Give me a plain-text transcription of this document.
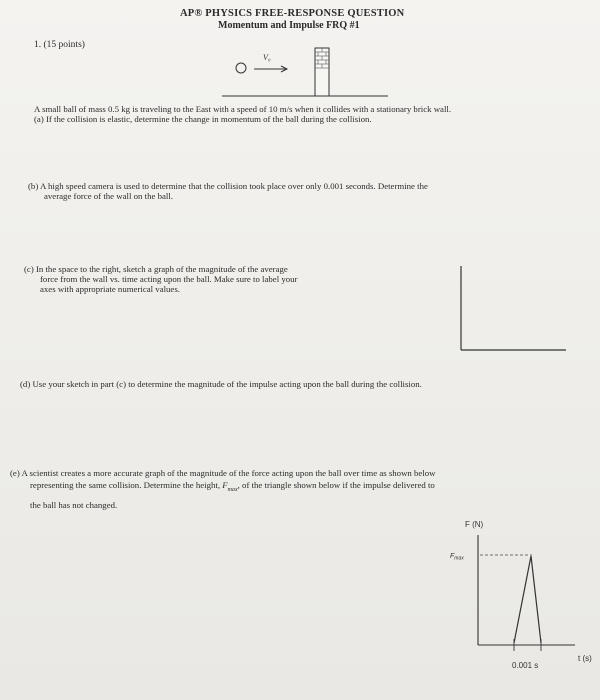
AP® PHYSICS FREE-RESPONSE QUESTION
Momentum and Impulse FRQ #1
1. (15 points)
V₀
A small ball of mass 0.5 kg is traveling to the East with a speed of 10 m/s when it collides with a stationary brick wall.
(a) If the collision is elastic, determine the change in momentum of the ball during the collision.
(b) A high speed camera is used to determine that the collision took place over only 0.001 seconds. Determine the
average force of the wall on the ball.
(c) In the space to the right, sketch a graph of the magnitude of the average
force from the wall vs. time acting upon the ball. Make sure to label your
axes with appropriate numerical values.
(d) Use your sketch in part (c) to determine the magnitude of the impulse acting upon the ball during the collision.
(e) A scientist creates a more accurate graph of the magnitude of the force acting upon the ball over time as shown below
representing the same collision. Determine the height, $F_{max}$, of the triangle shown below if the impulse delivered to
the ball has not changed.
F (N)
$F_{max}$
0.001 s
t (s)
